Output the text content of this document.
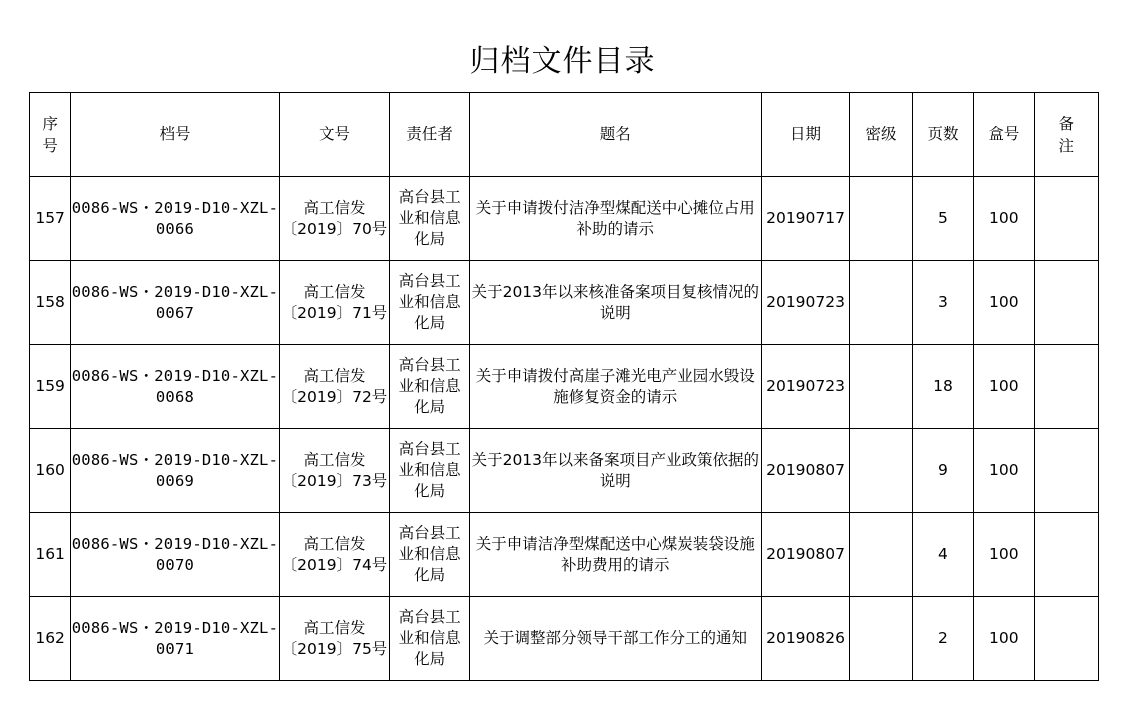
归档文件目录
序号	档号	文号	责任者	题名	日期	密级	页数	盒号	备注
157	0086-WS・2019-D10-XZL-0066	高工信发〔2019〕70号	高台县工业和信息化局	关于申请拨付洁净型煤配送中心摊位占用补助的请示	20190717		5	100	
158	0086-WS・2019-D10-XZL-0067	高工信发〔2019〕71号	高台县工业和信息化局	关于2013年以来核准备案项目复核情况的说明	20190723		3	100	
159	0086-WS・2019-D10-XZL-0068	高工信发〔2019〕72号	高台县工业和信息化局	关于申请拨付高崖子滩光电产业园水毁设施修复资金的请示	20190723		18	100	
160	0086-WS・2019-D10-XZL-0069	高工信发〔2019〕73号	高台县工业和信息化局	关于2013年以来备案项目产业政策依据的说明	20190807		9	100	
161	0086-WS・2019-D10-XZL-0070	高工信发〔2019〕74号	高台县工业和信息化局	关于申请洁净型煤配送中心煤炭装袋设施补助费用的请示	20190807		4	100	
162	0086-WS・2019-D10-XZL-0071	高工信发〔2019〕75号	高台县工业和信息化局	关于调整部分领导干部工作分工的通知	20190826		2	100	
